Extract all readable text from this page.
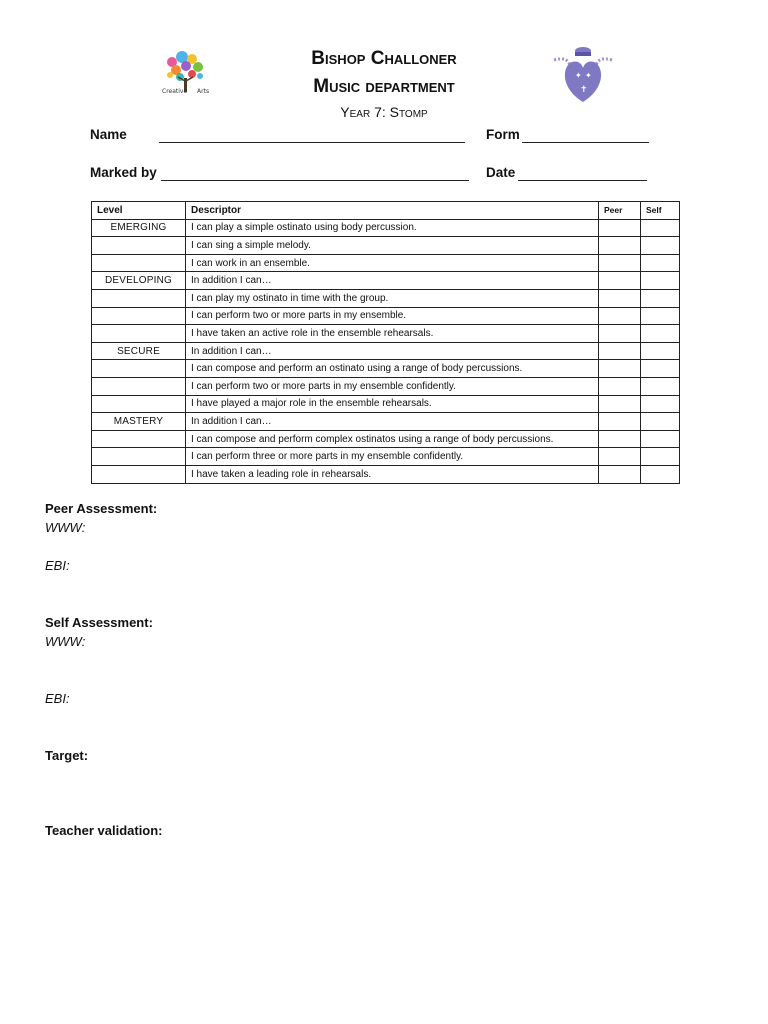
Creative Arts
✦ ✦
✝
Bishop Challoner
Music department
Year 7: Stomp
Name	Form
Marked by	Date
Level	Descriptor	Peer	Self
EMERGING	I can play a simple ostinato using body percussion.		
	I can sing a simple melody.		
	I can work in an ensemble.		
DEVELOPING	In addition I can…		
	I can play my ostinato in time with the group.		
	I can perform two or more parts in my ensemble.		
	I have taken an active role in the ensemble rehearsals.		
SECURE	In addition I can…		
	I can compose and perform an ostinato using a range of body percussions.		
	I can perform two or more parts in my ensemble confidently.		
	I have played a major role in the ensemble rehearsals.		
MASTERY	In addition I can…		
	I can compose and perform complex ostinatos using a range of body percussions.		
	I can perform three or more parts in my ensemble confidently.		
	I have taken a leading role in rehearsals.		
Peer Assessment:
WWW:
EBI:
Self Assessment:
WWW:
EBI:
Target:
Teacher validation:
